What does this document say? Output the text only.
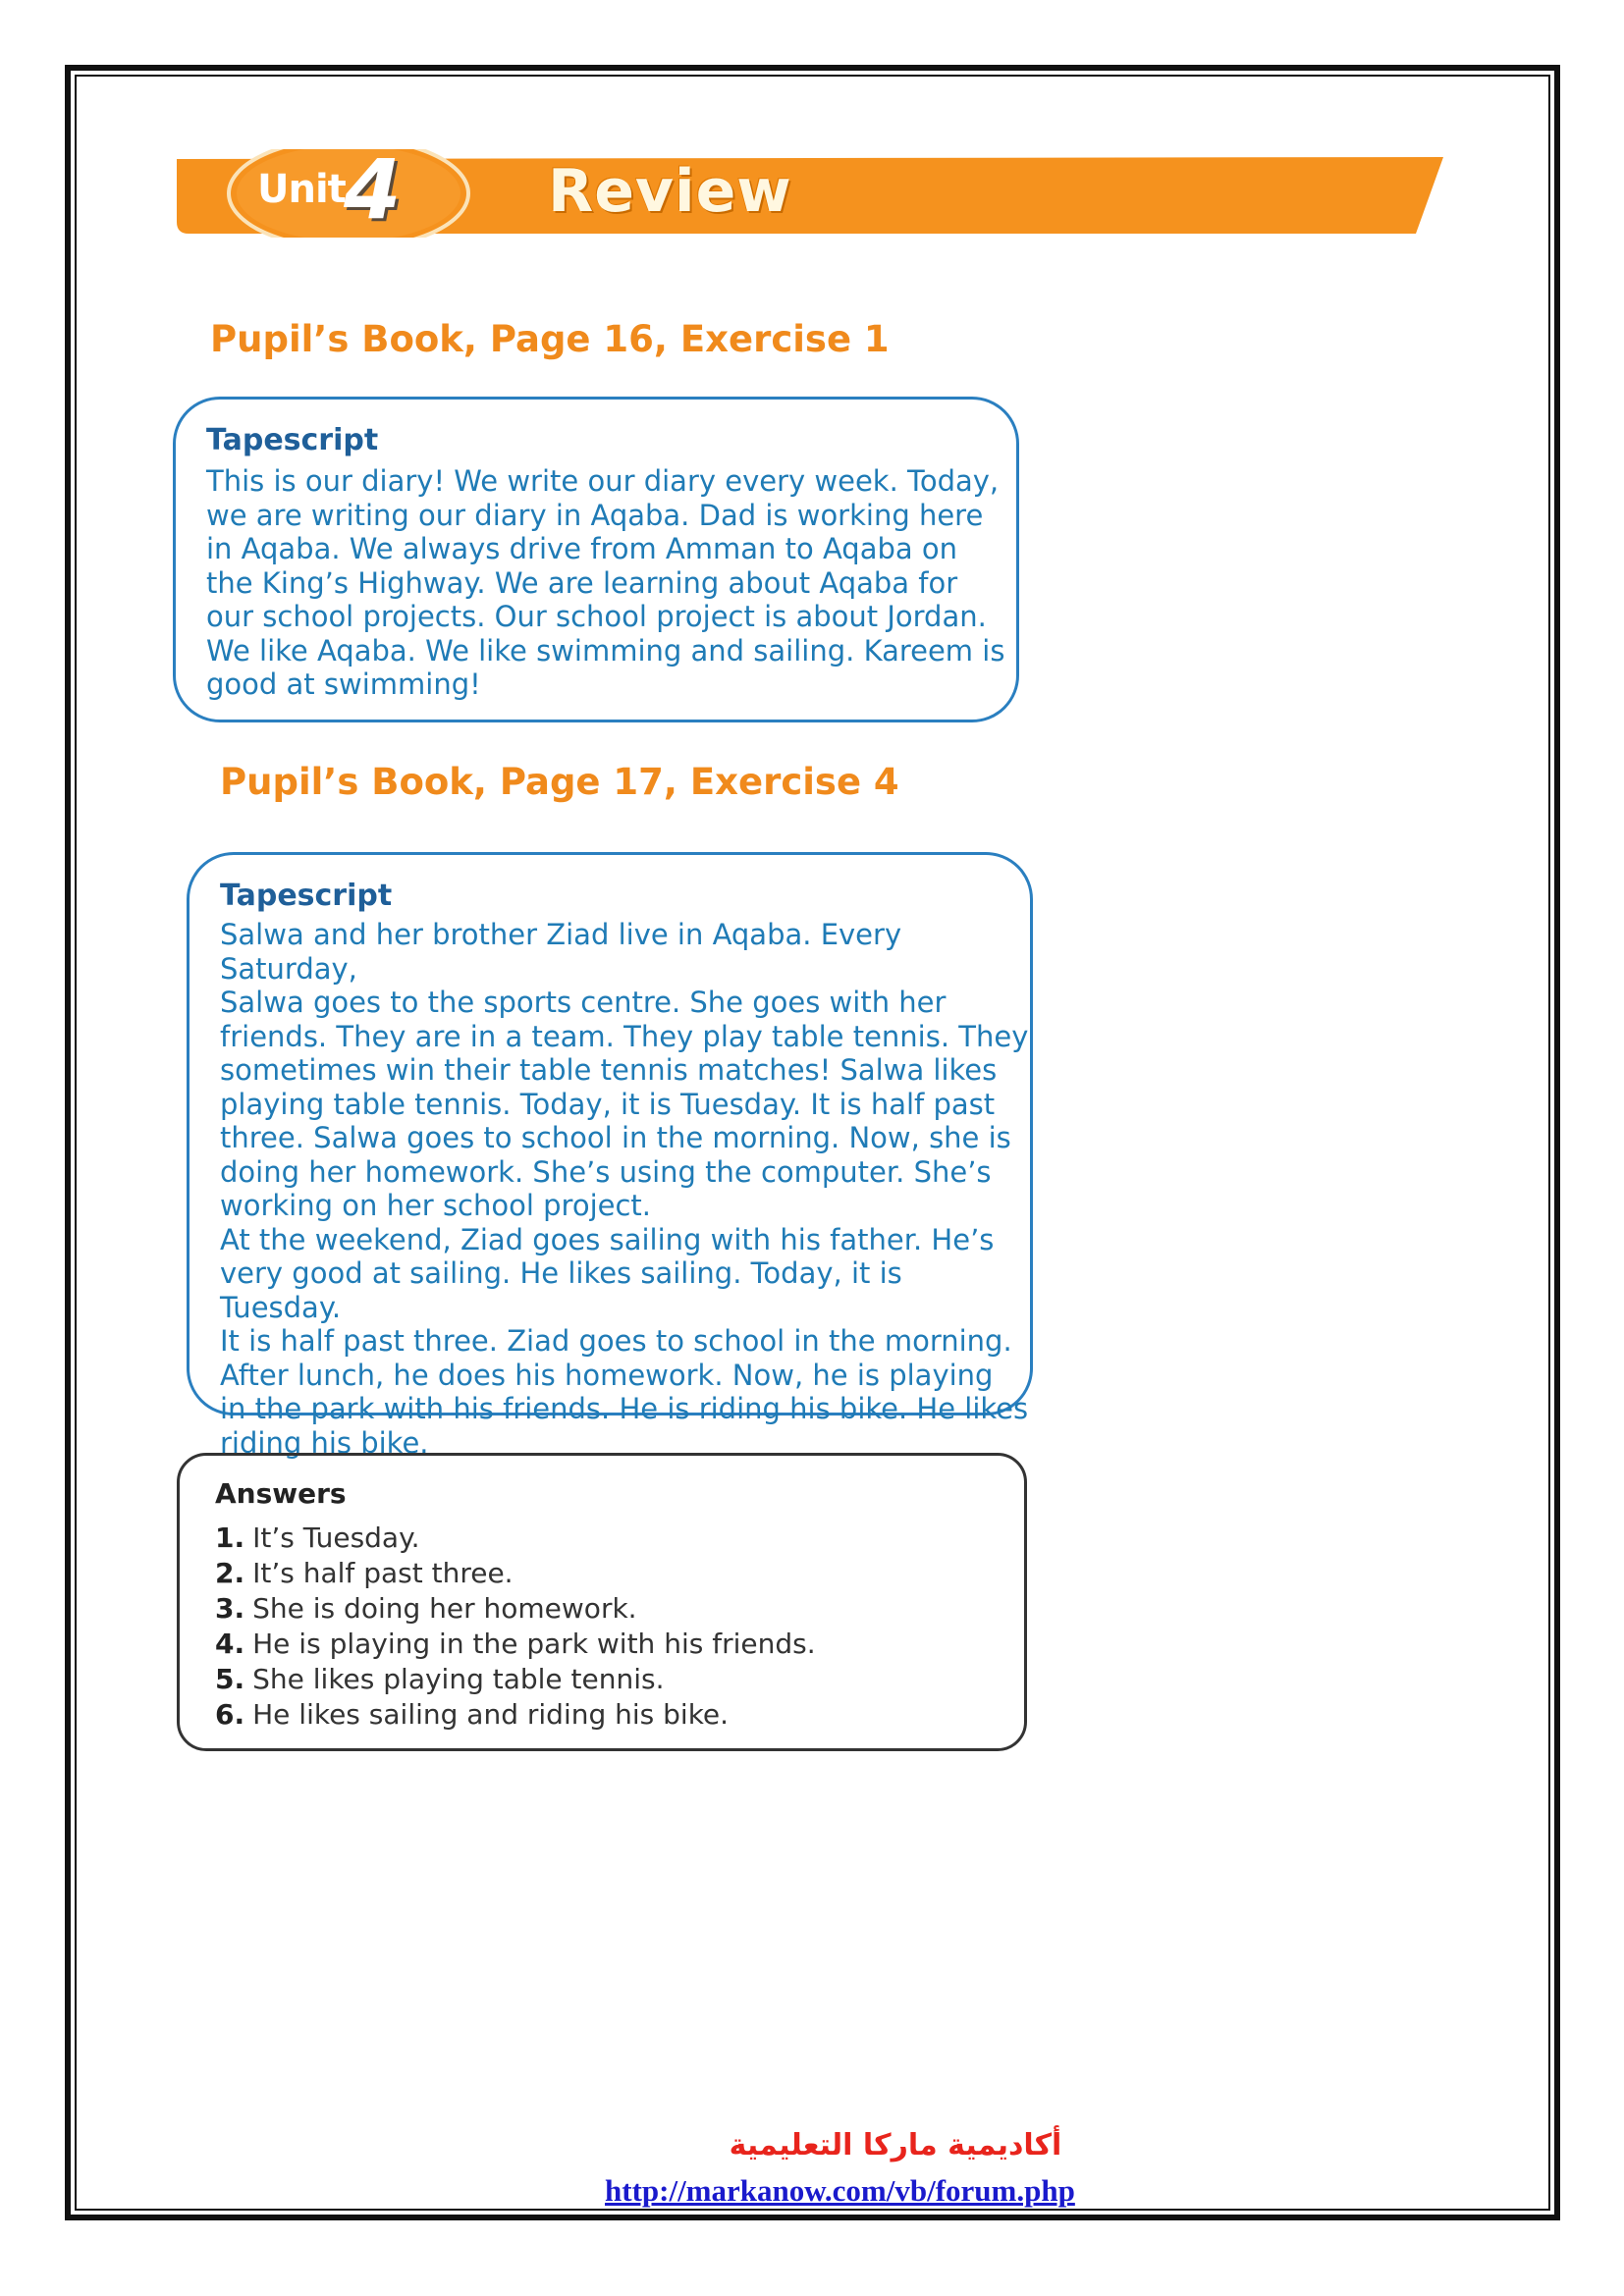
Unit
4 Review
Pupil’s Book, Page 16, Exercise 1
Tapescript
This is our diary! We write our diary every week. Today,
we are writing our diary in Aqaba. Dad is working here
in Aqaba. We always drive from Amman to Aqaba on
the King’s Highway. We are learning about Aqaba for
our school projects. Our school project is about Jordan.
We like Aqaba. We like swimming and sailing. Kareem is
good at swimming!
Pupil’s Book, Page 17, Exercise 4
Tapescript
Salwa and her brother Ziad live in Aqaba. Every Saturday,
Salwa goes to the sports centre. She goes with her
friends. They are in a team. They play table tennis. They
sometimes win their table tennis matches! Salwa likes
playing table tennis. Today, it is Tuesday. It is half past
three. Salwa goes to school in the morning. Now, she is
doing her homework. She’s using the computer. She’s
working on her school project.
At the weekend, Ziad goes sailing with his father. He’s
very good at sailing. He likes sailing. Today, it is Tuesday.
It is half past three. Ziad goes to school in the morning.
After lunch, he does his homework. Now, he is playing
in the park with his friends. He is riding his bike. He likes
riding his bike.
Answers
1. It’s Tuesday.
2. It’s half past three.
3. She is doing her homework.
4. He is playing in the park with his friends.
5. She likes playing table tennis.
6. He likes sailing and riding his bike.
أكاديمية ماركا التعليمية
http://markanow.com/vb/forum.php
